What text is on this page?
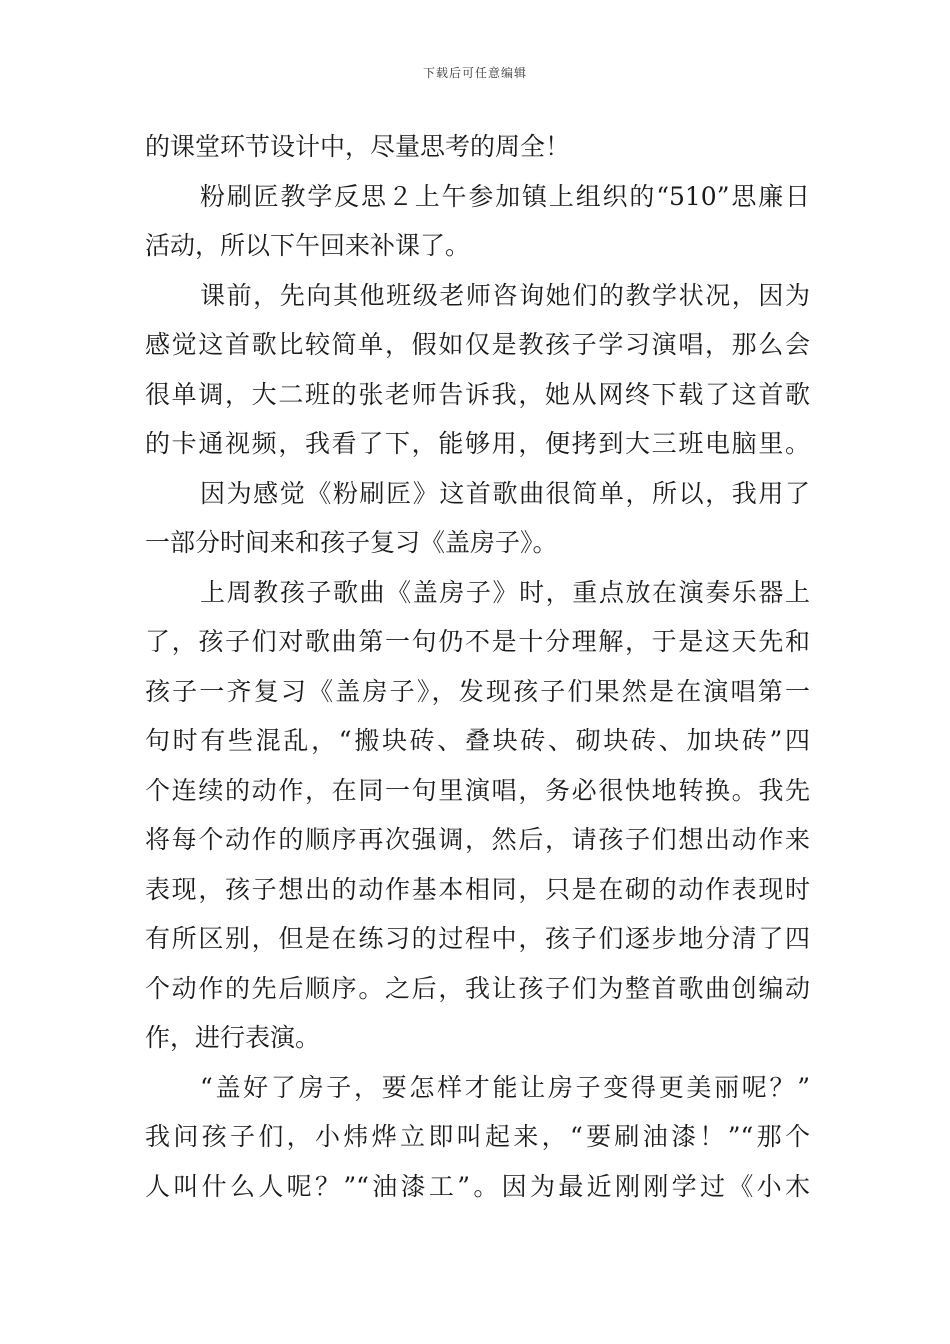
下载后可任意编辑
的课堂环节设计中，尽量思考的周全！
粉刷匠教学反思２上午参加镇上组织的“510”思廉日
活动，所以下午回来补课了。
课前，先向其他班级老师咨询她们的教学状况，因为
感觉这首歌比较简单，假如仅是教孩子学习演唱，那么会
很单调，大二班的张老师告诉我，她从网终下载了这首歌
的卡通视频，我看了下，能够用，便拷到大三班电脑里。
因为感觉《粉刷匠》这首歌曲很简单，所以，我用了
一部分时间来和孩子复习《盖房子》。
上周教孩子歌曲《盖房子》时，重点放在演奏乐器上
了，孩子们对歌曲第一句仍不是十分理解，于是这天先和
孩子一齐复习《盖房子》，发现孩子们果然是在演唱第一
句时有些混乱，“搬块砖、叠块砖、砌块砖、加块砖”四
个连续的动作，在同一句里演唱，务必很快地转换。我先
将每个动作的顺序再次强调，然后，请孩子们想出动作来
表现，孩子想出的动作基本相同，只是在砌的动作表现时
有所区别，但是在练习的过程中，孩子们逐步地分清了四
个动作的先后顺序。之后，我让孩子们为整首歌曲创编动
作，进行表演。
“盖好了房子，要怎样才能让房子变得更美丽呢？”
我问孩子们，小炜烨立即叫起来，“要刷油漆！”“那个
人叫什么人呢？”“油漆工”。因为最近刚刚学过《小木
